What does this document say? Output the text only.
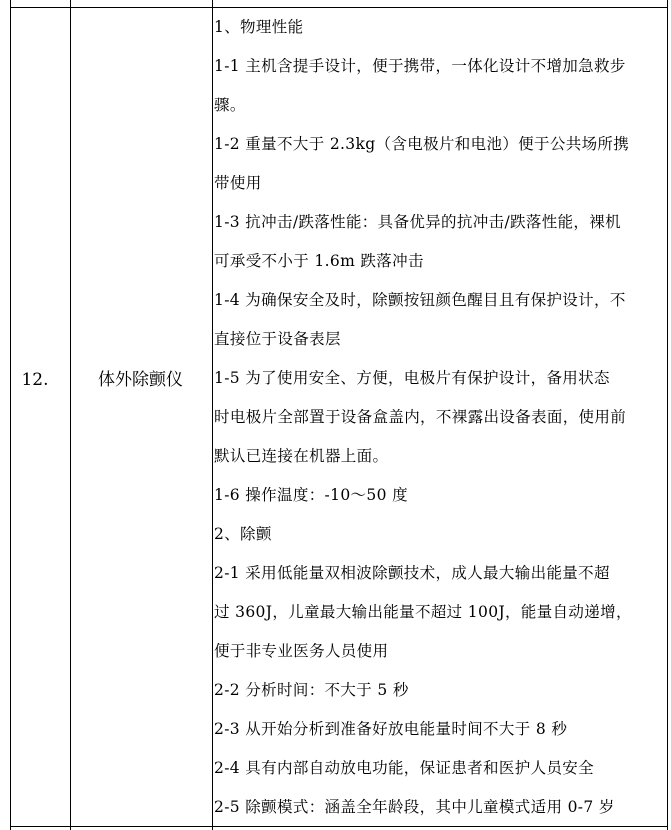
12.	体外除颤仪
1、物理性能
1-1 主机含提手设计，便于携带，一体化设计不增加急救步
骤。
1-2 重量不大于 2.3kg（含电极片和电池）便于公共场所携
带使用
1-3 抗冲击/跌落性能：具备优异的抗冲击/跌落性能，裸机
可承受不小于 1.6m 跌落冲击
1-4 为确保安全及时，除颤按钮颜色醒目且有保护设计，不
直接位于设备表层
1-5 为了使用安全、方便，电极片有保护设计，备用状态
时电极片全部置于设备盒盖内，不裸露出设备表面，使用前
默认已连接在机器上面。
1-6 操作温度：-10～50 度
2、除颤
2-1 采用低能量双相波除颤技术，成人最大输出能量不超
过 360J，儿童最大输出能量不超过 100J，能量自动递增，
便于非专业医务人员使用
2-2 分析时间：不大于 5 秒
2-3 从开始分析到准备好放电能量时间不大于 8 秒
2-4 具有内部自动放电功能，保证患者和医护人员安全
2-5 除颤模式：涵盖全年龄段，其中儿童模式适用 0-7 岁
